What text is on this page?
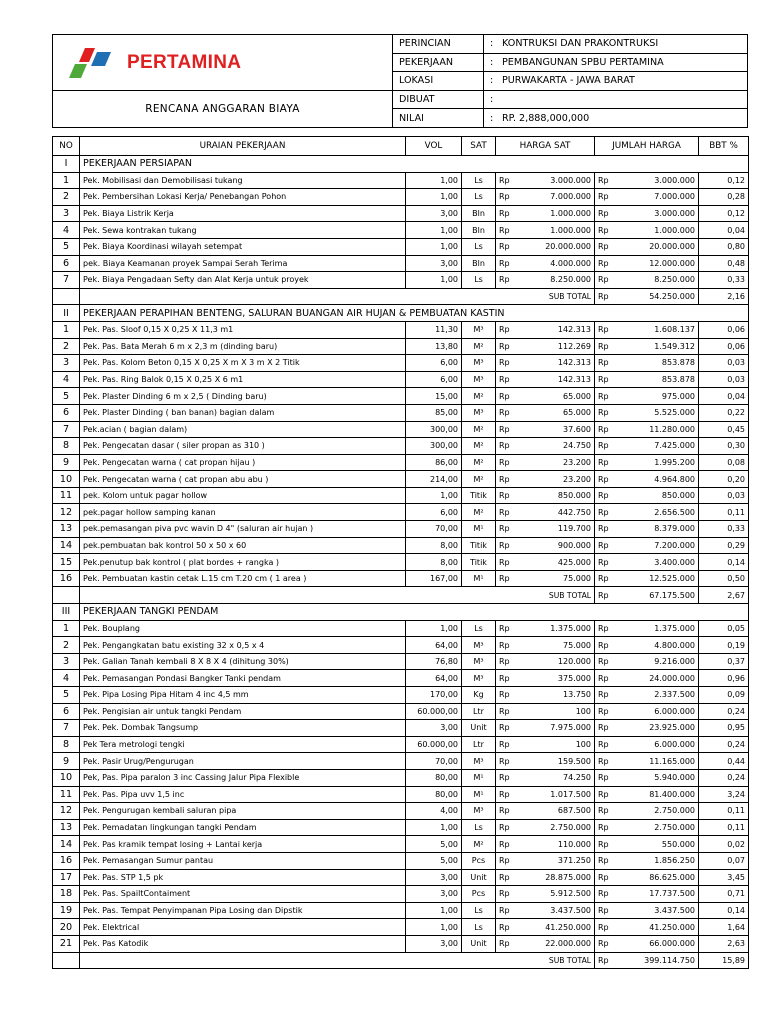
PERTAMINA
RENCANA ANGGARAN BIAYA
PERINCIAN	: KONTRUKSI DAN PRAKONTRUKSI
PEKERJAAN	: PEMBANGUNAN SPBU PERTAMINA
LOKASI	: PURWAKARTA - JAWA BARAT
DIBUAT	:
NILAI	: RP. 2,888,000,000
NO	URAIAN PEKERJAAN	VOL	SAT	HARGA SAT		JUMLAH HARGA		BBT %
I	PEKERJAAN PERSIAPAN							
1	Pek. Mobilisasi dan Demobilisasi tukang	1,00	Ls	Rp	3.000.000	Rp	3.000.000	0,12
2	Pek. Pembersihan Lokasi Kerja/ Penebangan Pohon	1,00	Ls	Rp	7.000.000	Rp	7.000.000	0,28
3	Pek. Biaya Listrik Kerja	3,00	Bln	Rp	1.000.000	Rp	3.000.000	0,12
4	Pek. Sewa kontrakan tukang	1,00	Bln	Rp	1.000.000	Rp	1.000.000	0,04
5	Pek. Biaya Koordinasi wilayah setempat	1,00	Ls	Rp	20.000.000	Rp	20.000.000	0,80
6	pek. Biaya Keamanan proyek Sampai Serah Terima	3,00	Bln	Rp	4.000.000	Rp	12.000.000	0,48
7	Pek. Biaya Pengadaan Sefty dan Alat Kerja untuk proyek	1,00	Ls	Rp	8.250.000	Rp	8.250.000	0,33
	SUB TOTAL					Rp	54.250.000	2,16
II	PEKERJAAN PERAPIHAN BENTENG, SALURAN BUANGAN AIR HUJAN & PEMBUATAN KASTIN							
1	Pek. Pas. Sloof 0,15 X 0,25 X 11,3 m1	11,30	M³	Rp	142.313	Rp	1.608.137	0,06
2	Pek. Pas. Bata Merah 6 m x 2,3 m (dinding baru)	13,80	M²	Rp	112.269	Rp	1.549.312	0,06
3	Pek. Pas. Kolom Beton 0,15 X 0,25 X m X 3 m X 2 Titik	6,00	M³	Rp	142.313	Rp	853.878	0,03
4	Pek. Pas. Ring Balok 0,15 X 0,25 X 6 m1	6,00	M³	Rp	142.313	Rp	853.878	0,03
5	Pek. Plaster Dinding 6 m x 2,5 ( Dinding baru)	15,00	M²	Rp	65.000	Rp	975.000	0,04
6	Pek. Plaster Dinding ( ban banan) bagian dalam	85,00	M³	Rp	65.000	Rp	5.525.000	0,22
7	Pek.acian ( bagian dalam)	300,00	M²	Rp	37.600	Rp	11.280.000	0,45
8	Pek. Pengecatan dasar ( siler propan as 310 )	300,00	M²	Rp	24.750	Rp	7.425.000	0,30
9	Pek. Pengecatan warna ( cat propan hijau )	86,00	M²	Rp	23.200	Rp	1.995.200	0,08
10	Pek. Pengecatan warna ( cat propan abu abu )	214,00	M²	Rp	23.200	Rp	4.964.800	0,20
11	pek. Kolom untuk pagar hollow	1,00	Titik	Rp	850.000	Rp	850.000	0,03
12	pek.pagar hollow samping kanan	6,00	M²	Rp	442.750	Rp	2.656.500	0,11
13	pek.pemasangan piva pvc wavin D 4" (saluran air hujan )	70,00	M¹	Rp	119.700	Rp	8.379.000	0,33
14	pek.pembuatan bak kontrol 50 x 50 x 60	8,00	Titik	Rp	900.000	Rp	7.200.000	0,29
15	Pek.penutup bak kontrol ( plat bordes + rangka )	8,00	Titik	Rp	425.000	Rp	3.400.000	0,14
16	Pek. Pembuatan kastin cetak L.15 cm T.20 cm ( 1 area )	167,00	M¹	Rp	75.000	Rp	12.525.000	0,50
	SUB TOTAL					Rp	67.175.500	2,67
III	PEKERJAAN TANGKI PENDAM							
1	Pek. Bouplang	1,00	Ls	Rp	1.375.000	Rp	1.375.000	0,05
2	Pek. Pengangkatan batu existing 32 x 0,5 x 4	64,00	M³	Rp	75.000	Rp	4.800.000	0,19
3	Pek. Galian Tanah kembali 8 X 8 X 4 (dihitung 30%)	76,80	M³	Rp	120.000	Rp	9.216.000	0,37
4	Pek. Pemasangan Pondasi Bangker Tanki pendam	64,00	M³	Rp	375.000	Rp	24.000.000	0,96
5	Pek. Pipa Losing Pipa Hitam 4 inc 4,5 mm	170,00	Kg	Rp	13.750	Rp	2.337.500	0,09
6	Pek. Pengisian air untuk tangki Pendam	60.000,00	Ltr	Rp	100	Rp	6.000.000	0,24
7	Pek. Pek. Dombak Tangsump	3,00	Unit	Rp	7.975.000	Rp	23.925.000	0,95
8	Pek Tera metrologi tengki	60.000,00	Ltr	Rp	100	Rp	6.000.000	0,24
9	Pek. Pasir Urug/Pengurugan	70,00	M³	Rp	159.500	Rp	11.165.000	0,44
10	Pek, Pas. Pipa paralon 3 inc Cassing Jalur Pipa Flexible	80,00	M¹	Rp	74.250	Rp	5.940.000	0,24
11	Pek. Pas. Pipa uvv 1,5 inc	80,00	M¹	Rp	1.017.500	Rp	81.400.000	3,24
12	Pek. Pengurugan kembali saluran pipa	4,00	M³	Rp	687.500	Rp	2.750.000	0,11
13	Pek. Pemadatan lingkungan tangki Pendam	1,00	Ls	Rp	2.750.000	Rp	2.750.000	0,11
14	Pek. Pas kramik tempat losing + Lantai kerja	5,00	M²	Rp	110.000	Rp	550.000	0,02
16	Pek. Pemasangan Sumur pantau	5,00	Pcs	Rp	371.250	Rp	1.856.250	0,07
17	Pek. Pas. STP 1,5 pk	3,00	Unit	Rp	28.875.000	Rp	86.625.000	3,45
18	Pek. Pas. SpailtContaiment	3,00	Pcs	Rp	5.912.500	Rp	17.737.500	0,71
19	Pek. Pas. Tempat Penyimpanan Pipa Losing dan Dipstik	1,00	Ls	Rp	3.437.500	Rp	3.437.500	0,14
20	Pek. Elektrical	1,00	Ls	Rp	41.250.000	Rp	41.250.000	1,64
21	Pek. Pas Katodik	3,00	Unit	Rp	22.000.000	Rp	66.000.000	2,63
	SUB TOTAL					Rp	399.114.750	15,89
